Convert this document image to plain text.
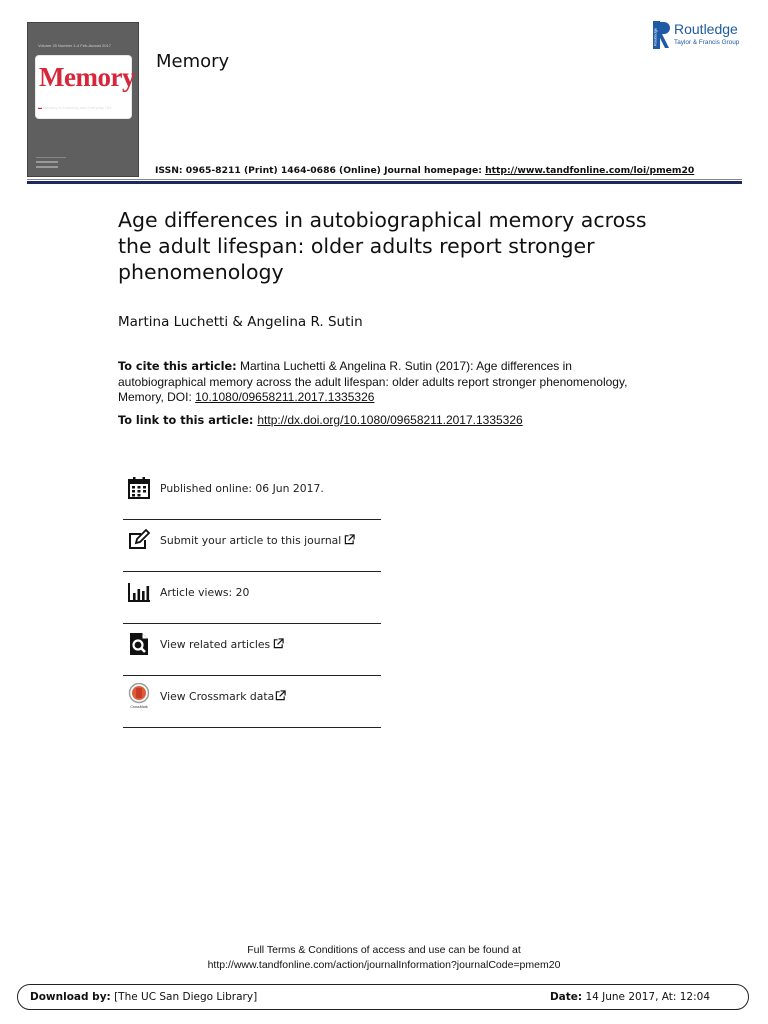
Volume 25 Number 1-4 Feb-August 2017
Memory
▬ Memory in Learning and Everyday Life
Memory
Routledge Routledge
Taylor & Francis Group
ISSN: 0965-8211 (Print) 1464-0686 (Online) Journal homepage: http://www.tandfonline.com/loi/pmem20
Age differences in autobiographical memory across the adult lifespan: older adults report stronger phenomenology
Martina Luchetti & Angelina R. Sutin
To cite this article: Martina Luchetti & Angelina R. Sutin (2017): Age differences in autobiographical memory across the adult lifespan: older adults report stronger phenomenology, Memory, DOI: 10.1080/09658211.2017.1335326
To link to this article: http://dx.doi.org/10.1080/09658211.2017.1335326
Published online: 06 Jun 2017.
Submit your article to this journal
Article views: 20
View related articles
CrossMark
View Crossmark data
Full Terms & Conditions of access and use can be found at
http://www.tandfonline.com/action/journalInformation?journalCode=pmem20
Download by: [The UC San Diego Library]	Date: 14 June 2017, At: 12:04
